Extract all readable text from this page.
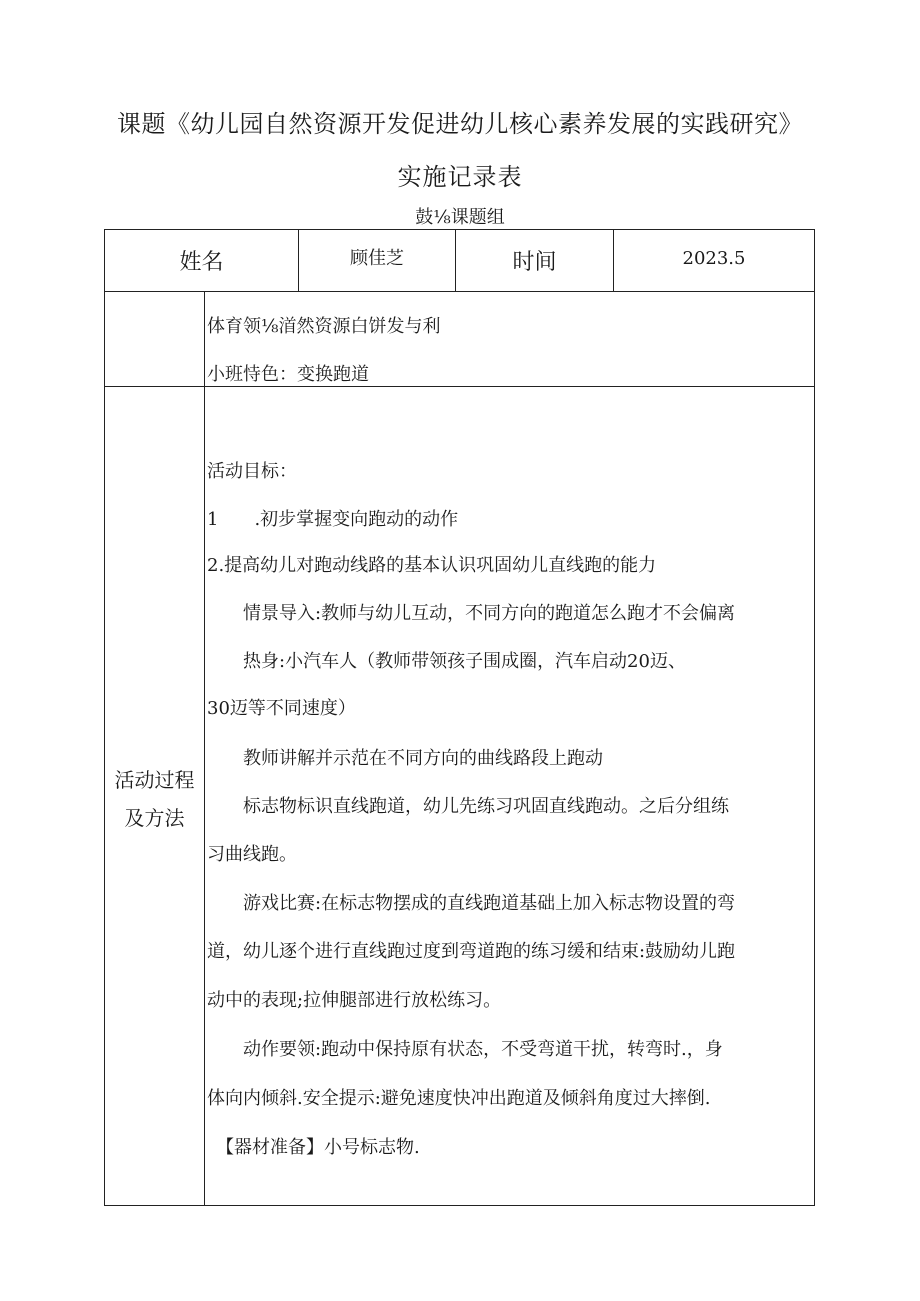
课题《幼儿园自然资源开发促进幼儿核心素养发展的实践研究》
实施记录表
鼓⅛课题组
姓名	顾佳芝	时间	2023.5
体育领⅛渞然资源白饼发与利
小班恃色：变换跑道
活动过程
及方法
活动目标：
1　　.初步掌握变向跑动的动作
2.提高幼儿对跑动线路的基本认识巩固幼儿直线跑的能力
　　情景导入:教师与幼儿互动，不同方向的跑道怎么跑才不会偏离
　　热身:小汽车人（教师带领孩子围成圈，汽车启动20迈、
30迈等不同速度）
　　教师讲解并示范在不同方向的曲线路段上跑动
　　标志物标识直线跑道，幼儿先练习巩固直线跑动。之后分组练
习曲线跑。
　　游戏比赛:在标志物摆成的直线跑道基础上加入标志物设置的弯
道，幼儿逐个进行直线跑过度到弯道跑的练习缓和结束:鼓励幼儿跑
动中的表现;拉伸腿部进行放松练习。
　　动作要领:跑动中保持原有状态，不受弯道干扰，转弯时.，身
体向内倾斜.安全提示:避免速度快冲出跑道及倾斜角度过大摔倒.
　【器材准备】小号标志物.
